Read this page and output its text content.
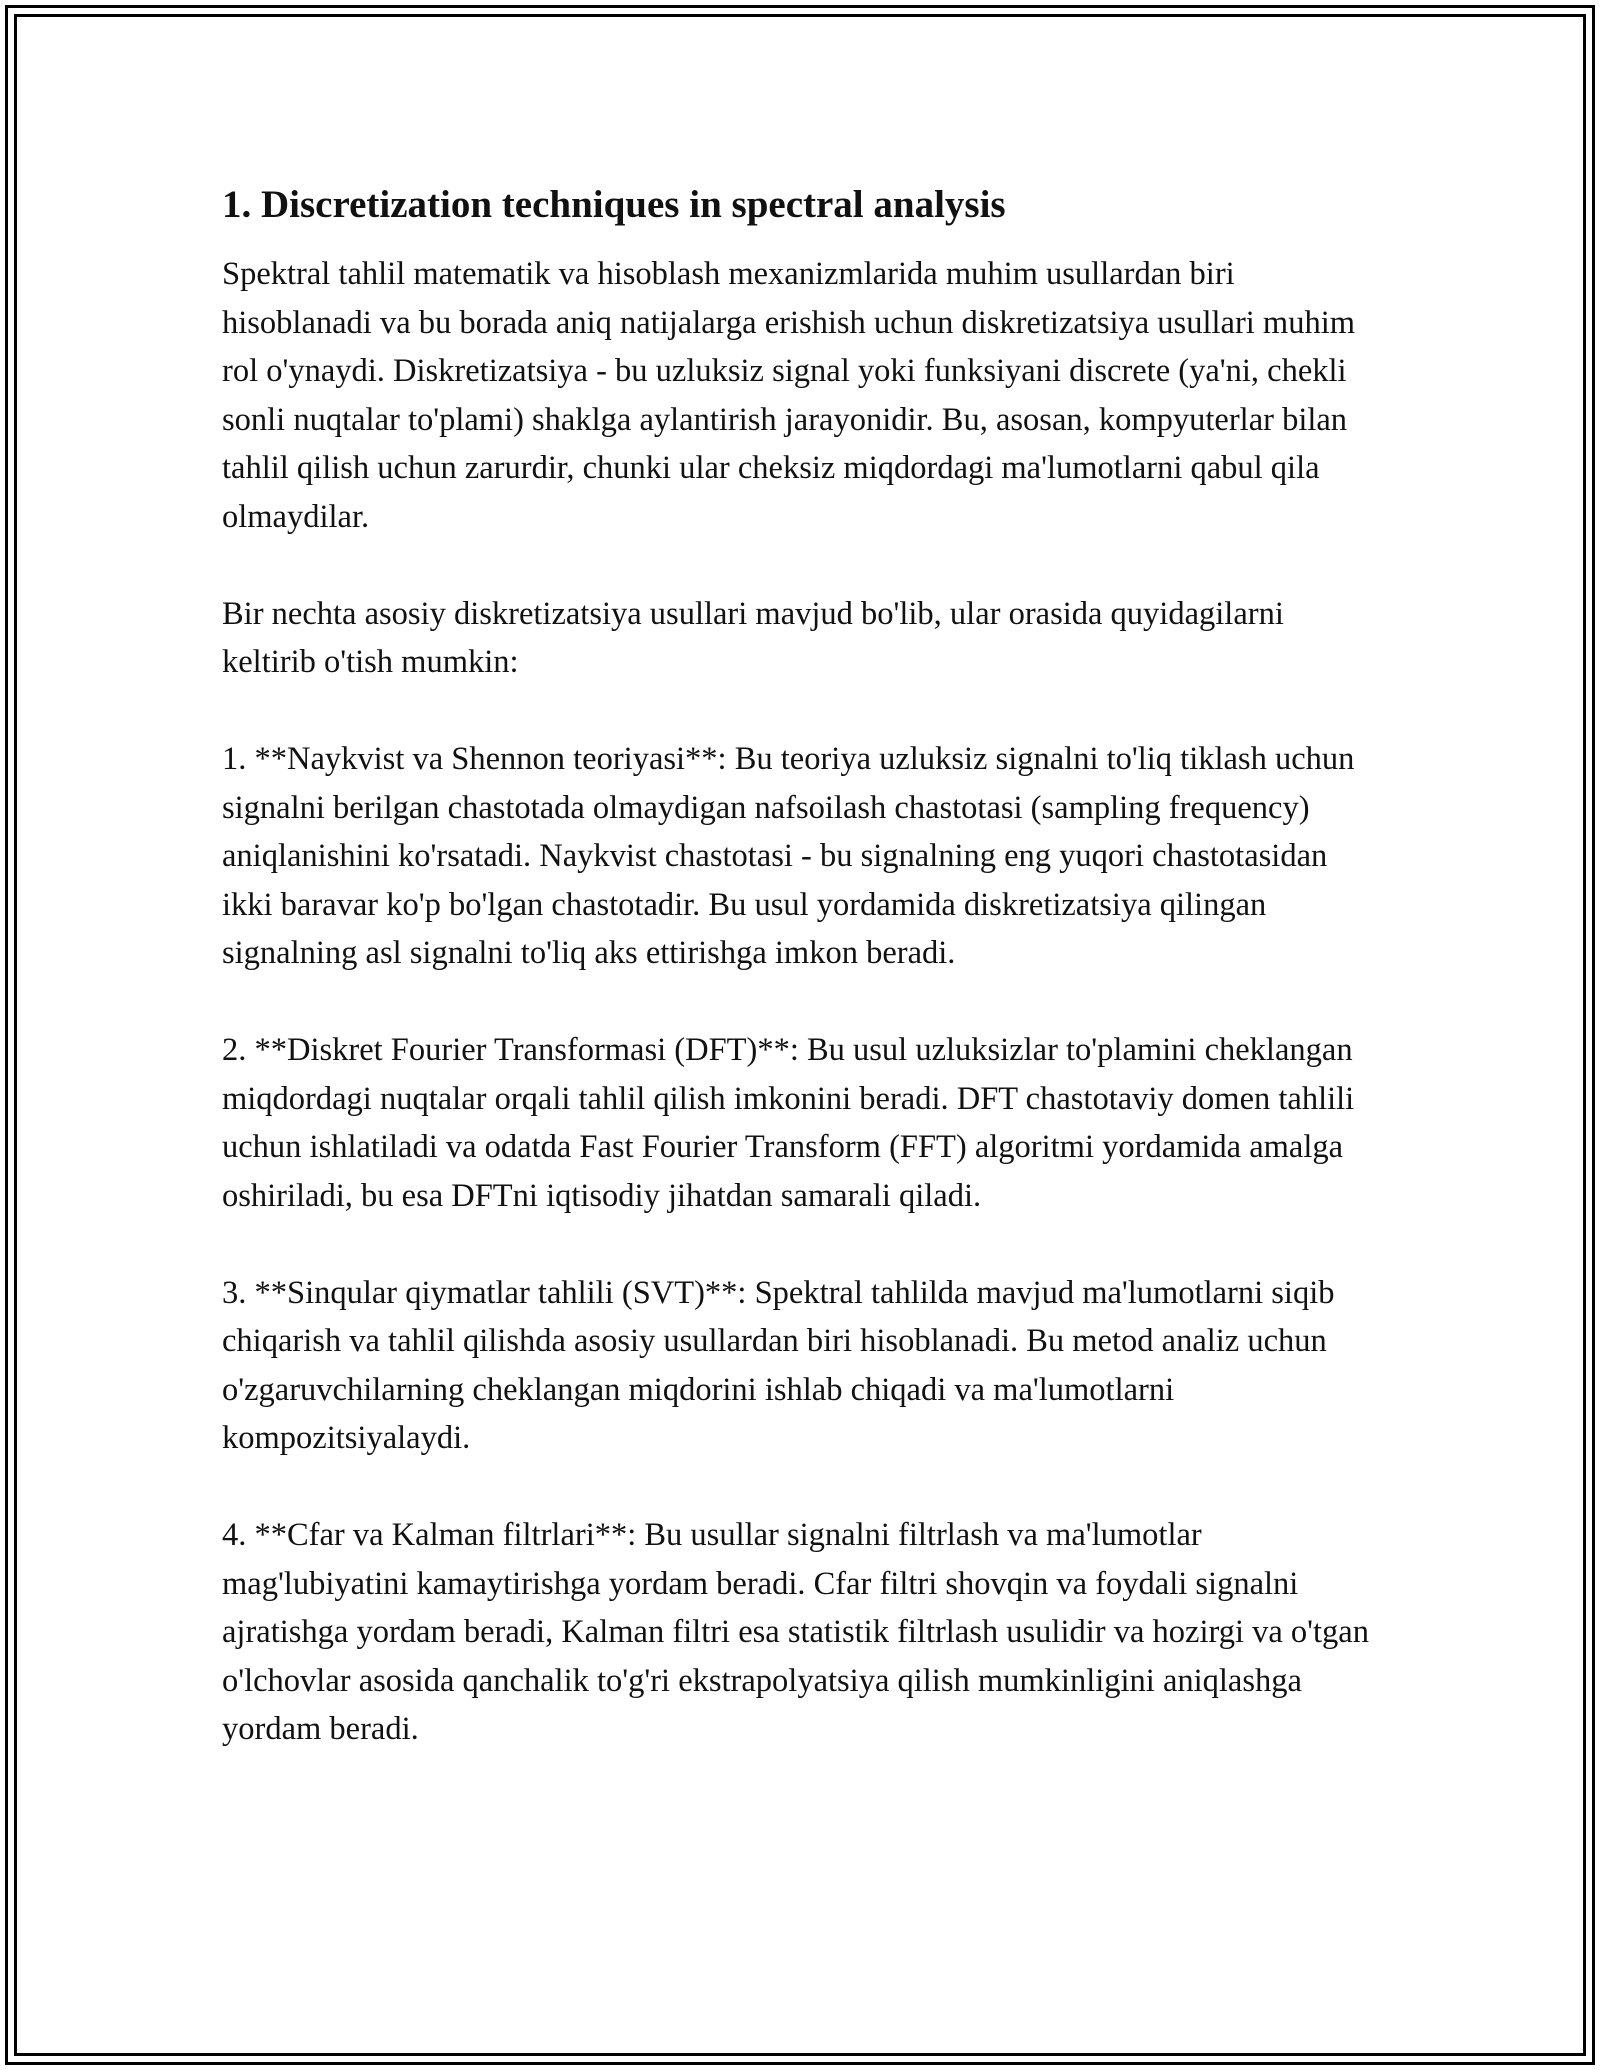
1. Discretization techniques in spectral analysis

Spektral tahlil matematik va hisoblash mexanizmlarida muhim usullardan biri hisoblanadi va bu borada aniq natijalarga erishish uchun diskretizatsiya usullari muhim rol o'ynaydi. Diskretizatsiya - bu uzluksiz signal yoki funksiyani discrete (ya'ni, chekli sonli nuqtalar to'plami) shaklga aylantirish jarayonidir. Bu, asosan, kompyuterlar bilan tahlil qilish uchun zarurdir, chunki ular cheksiz miqdordagi ma'lumotlarni qabul qila olmaydilar.

Bir nechta asosiy diskretizatsiya usullari mavjud bo'lib, ular orasida quyidagilarni keltirib o'tish mumkin:

1. **Naykvist va Shennon teoriyasi**: Bu teoriya uzluksiz signalni to'liq tiklash uchun signalni berilgan chastotada olmaydigan nafsoilash chastotasi (sampling frequency) aniqlanishini ko'rsatadi. Naykvist chastotasi - bu signalning eng yuqori chastotasidan ikki baravar ko'p bo'lgan chastotadir. Bu usul yordamida diskretizatsiya qilingan signalning asl signalni to'liq aks ettirishga imkon beradi.

2. **Diskret Fourier Transformasi (DFT)**: Bu usul uzluksizlar to'plamini cheklangan miqdordagi nuqtalar orqali tahlil qilish imkonini beradi. DFT chastotaviy domen tahlili uchun ishlatiladi va odatda Fast Fourier Transform (FFT) algoritmi yordamida amalga oshiriladi, bu esa DFTni iqtisodiy jihatdan samarali qiladi.

3. **Sinqular qiymatlar tahlili (SVT)**: Spektral tahlilda mavjud ma'lumotlarni siqib chiqarish va tahlil qilishda asosiy usullardan biri hisoblanadi. Bu metod analiz uchun o'zgaruvchilarning cheklangan miqdorini ishlab chiqadi va ma'lumotlarni kompozitsiyalaydi.

4. **Cfar va Kalman filtrlari**: Bu usullar signalni filtrlash va ma'lumotlar mag'lubiyatini kamaytirishga yordam beradi. Cfar filtri shovqin va foydali signalni ajratishga yordam beradi, Kalman filtri esa statistik filtrlash usulidir va hozirgi va o'tgan o'lchovlar asosida qanchalik to'g'ri ekstrapolyatsiya qilish mumkinligini aniqlashga yordam beradi.
